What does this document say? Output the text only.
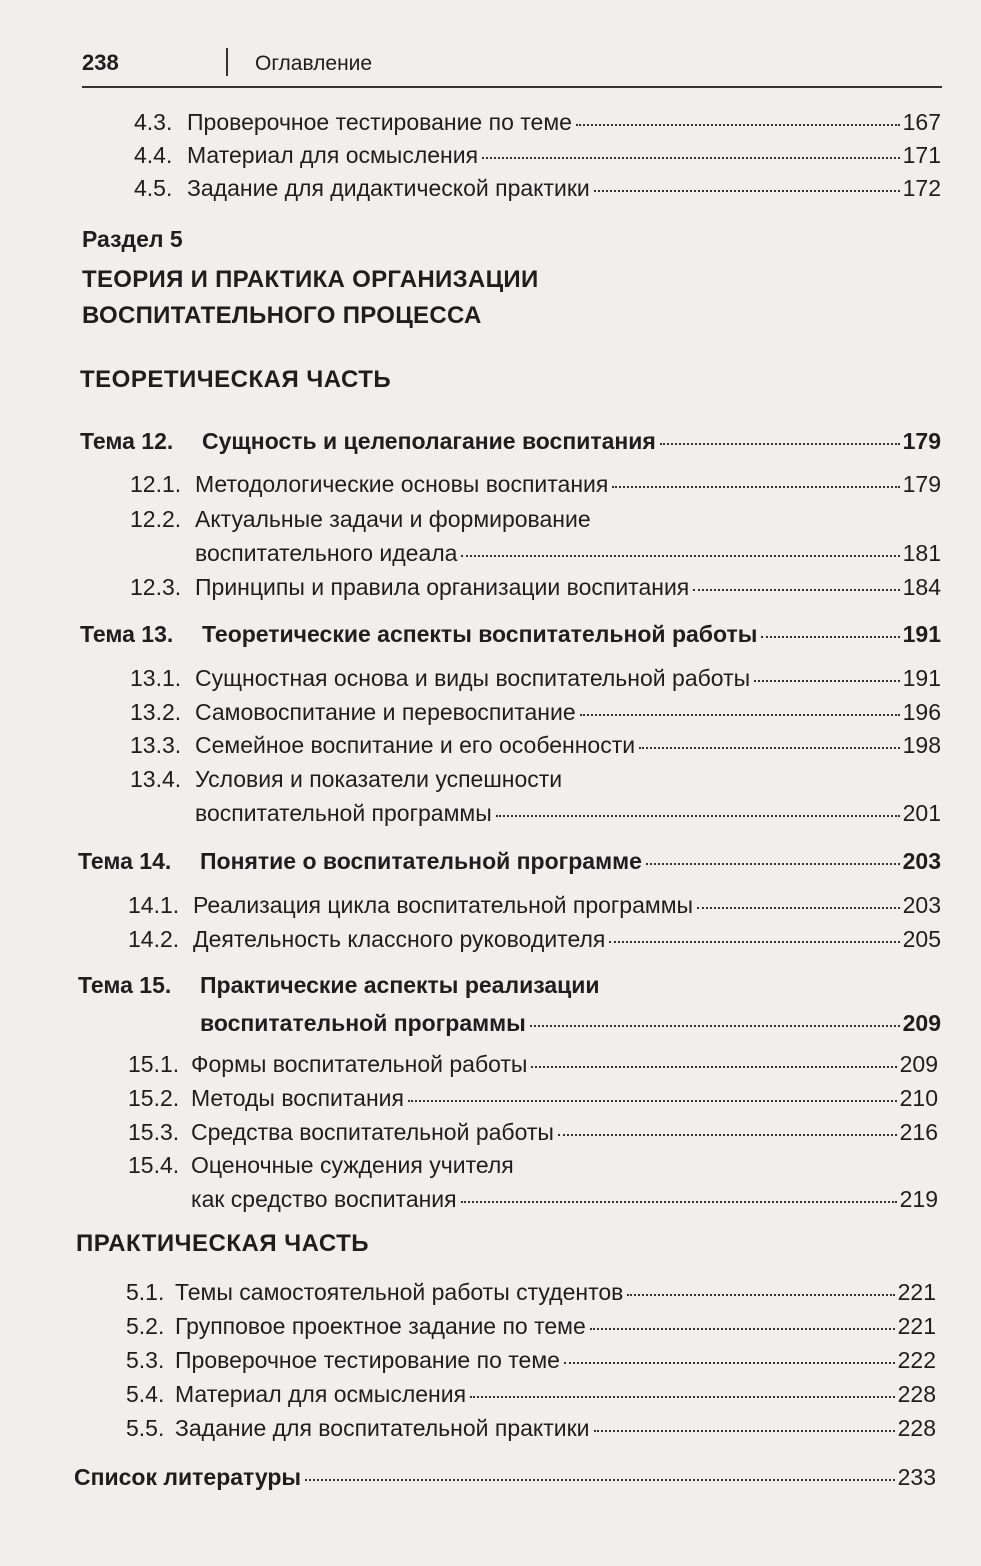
238	Оглавление
4.3. Проверочное тестирование по теме	167
4.4. Материал для осмысления	171
4.5. Задание для дидактической практики	172
Раздел 5
ТЕОРИЯ И ПРАКТИКА ОРГАНИЗАЦИИ
ВОСПИТАТЕЛЬНОГО ПРОЦЕССА
ТЕОРЕТИЧЕСКАЯ ЧАСТЬ
Тема 12.	Сущность и целеполагание воспитания	179
12.1. Методологические основы воспитания	179
12.2. Актуальные задачи и формирование
воспитательного идеала	181
12.3. Принципы и правила организации воспитания	184
Тема 13.	Теоретические аспекты воспитательной работы	191
13.1. Сущностная основа и виды воспитательной работы	191
13.2. Самовоспитание и перевоспитание	196
13.3. Семейное воспитание и его особенности	198
13.4. Условия и показатели успешности
воспитательной программы	201
Тема 14.	Понятие о воспитательной программе	203
14.1. Реализация цикла воспитательной программы	203
14.2. Деятельность классного руководителя	205
Тема 15. Практические аспекты реализации
воспитательной программы	209
15.1. Формы воспитательной работы	209
15.2. Методы воспитания	210
15.3. Средства воспитательной работы	216
15.4. Оценочные суждения учителя
как средство воспитания	219
ПРАКТИЧЕСКАЯ ЧАСТЬ
5.1. Темы самостоятельной работы студентов	221
5.2. Групповое проектное задание по теме	221
5.3. Проверочное тестирование по теме	222
5.4. Материал для осмысления	228
5.5. Задание для воспитательной практики	228
Список литературы	233
